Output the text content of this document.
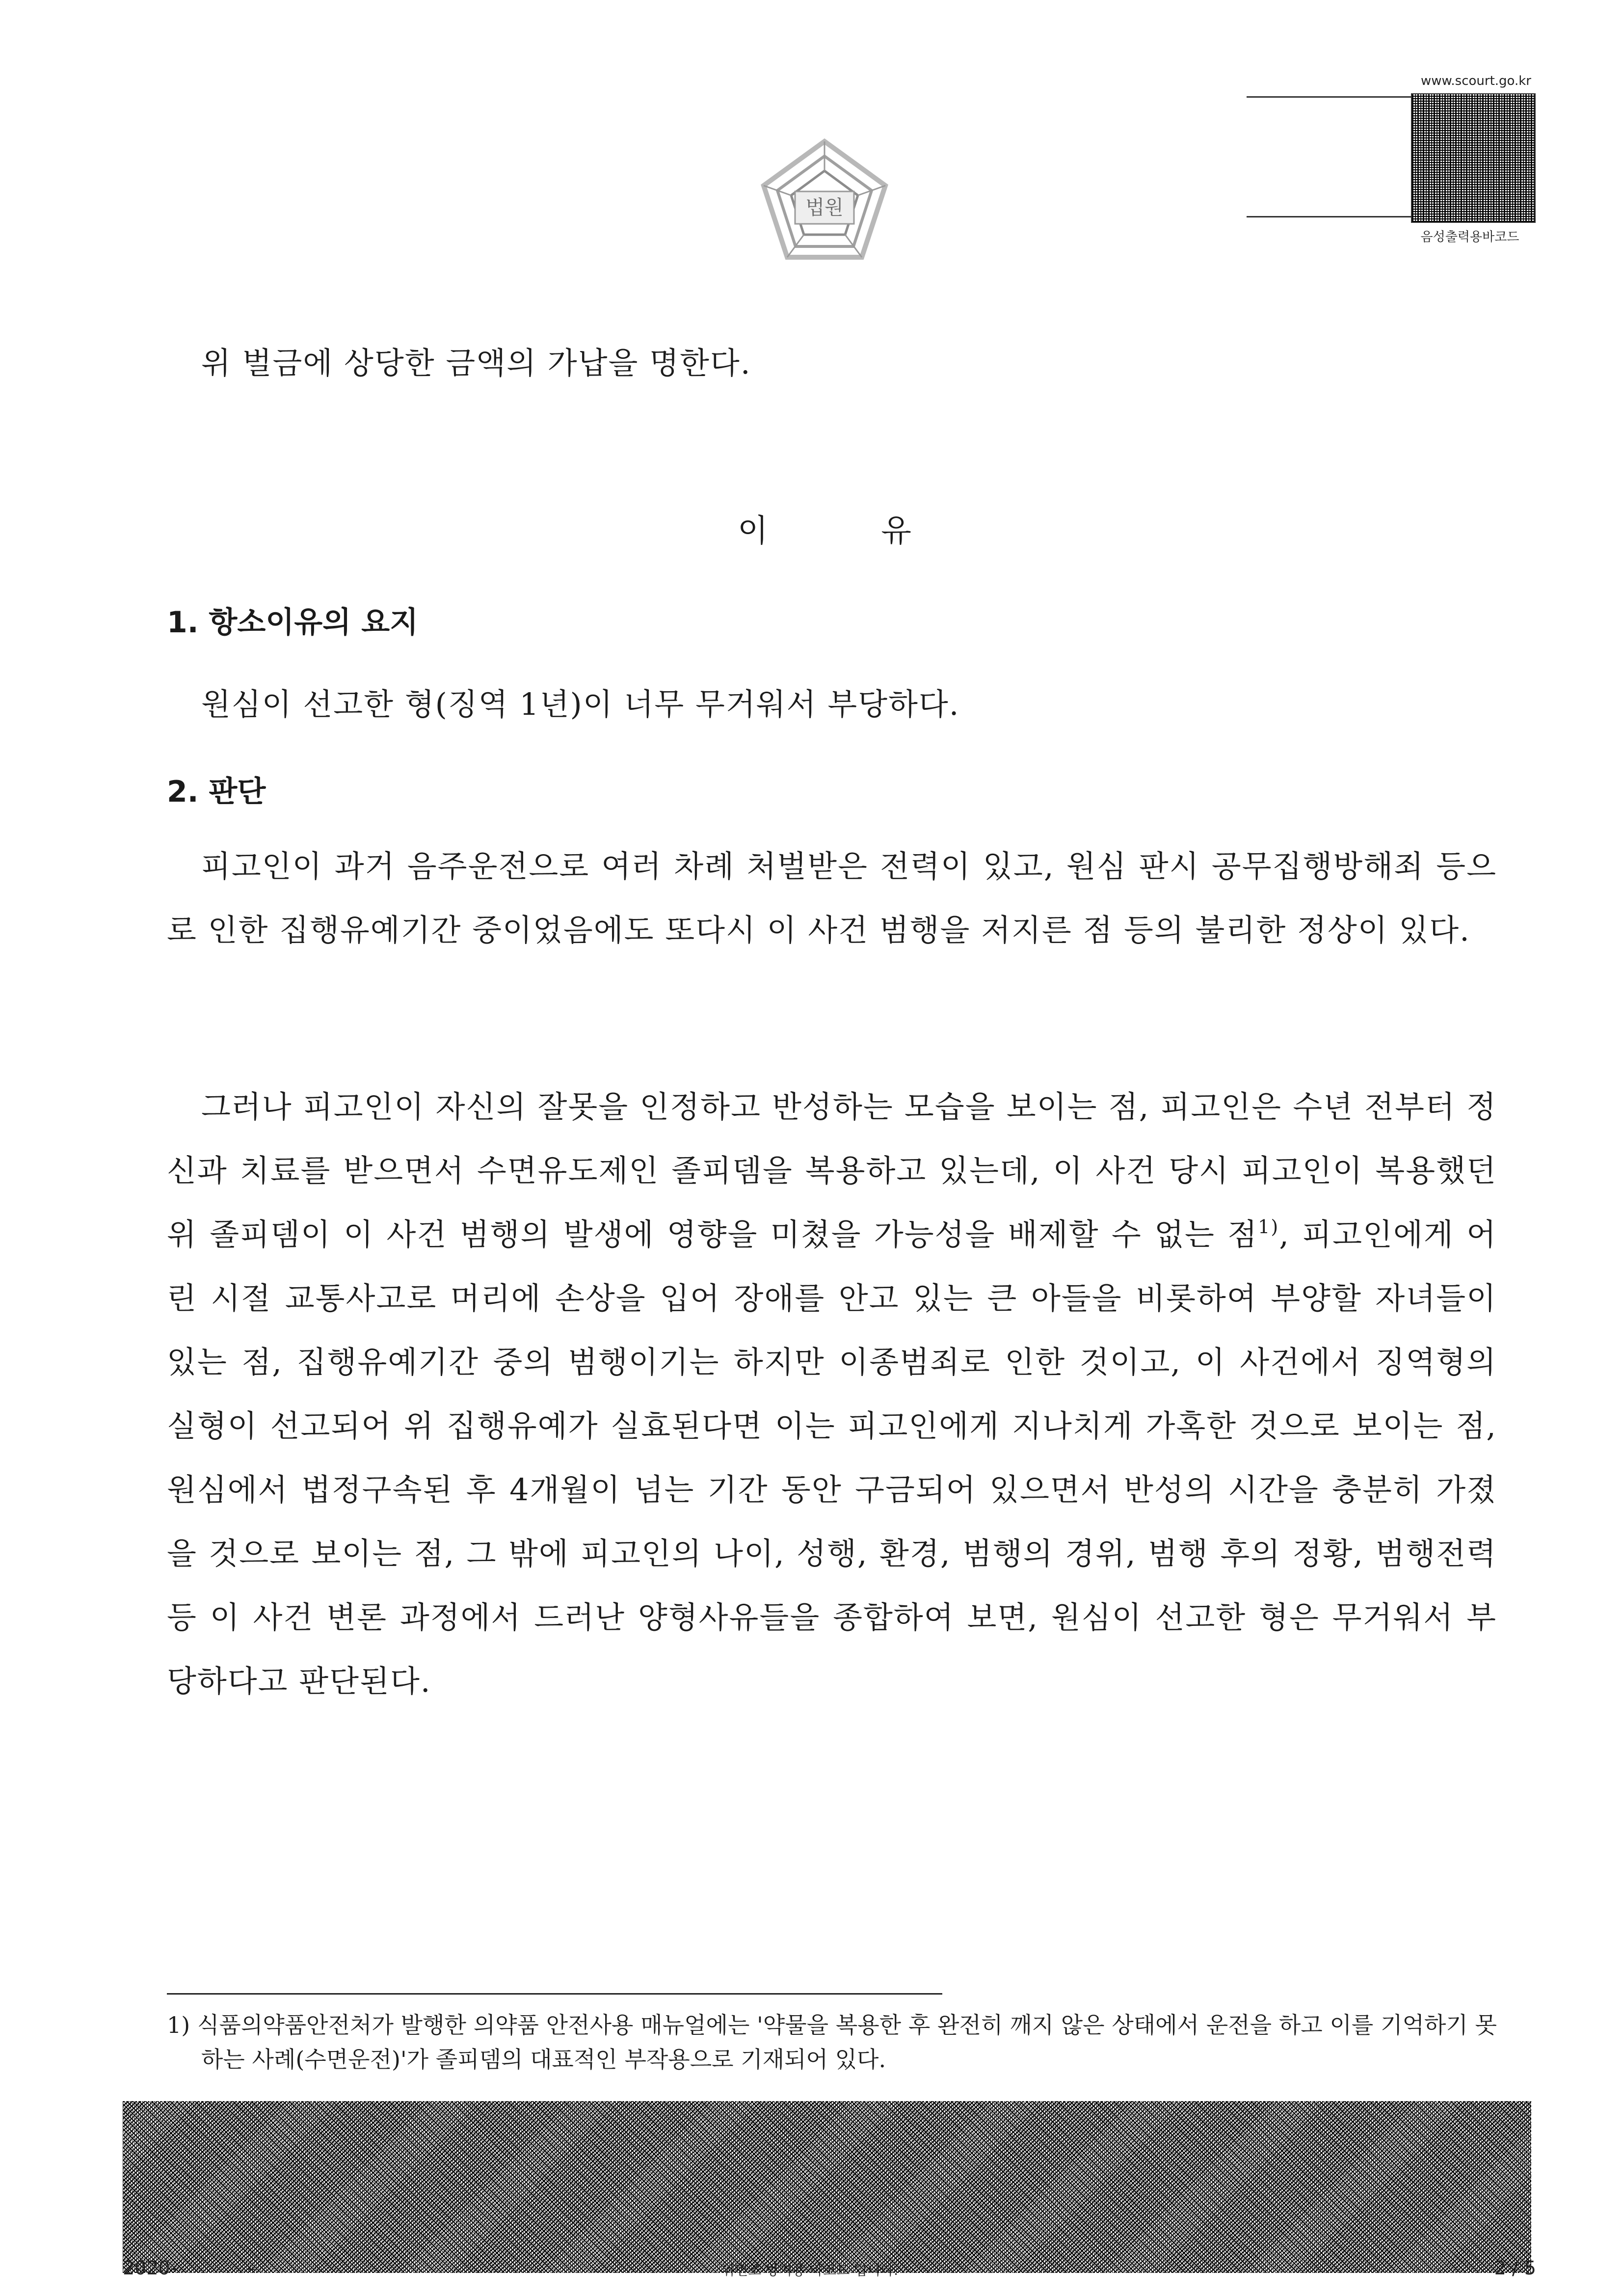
법원
www.scourt.go.kr
음성출력용바코드
위 벌금에 상당한 금액의 가납을 명한다.
이 유
1. 항소이유의 요지
원심이 선고한 형(징역 1년)이 너무 무거워서 부당하다.
2. 판단
피고인이 과거 음주운전으로 여러 차례 처벌받은 전력이 있고, 원심 판시 공무집행방해죄 등으로 인한 집행유예기간 중이었음에도 또다시 이 사건 범행을 저지른 점 등의 불리한 정상이 있다.
그러나 피고인이 자신의 잘못을 인정하고 반성하는 모습을 보이는 점, 피고인은 수년 전부터 정신과 치료를 받으면서 수면유도제인 졸피뎀을 복용하고 있는데, 이 사건 당시 피고인이 복용했던 위 졸피뎀이 이 사건 범행의 발생에 영향을 미쳤을 가능성을 배제할 수 없는 점$^{1)}$, 피고인에게 어린 시절 교통사고로 머리에 손상을 입어 장애를 안고 있는 큰 아들을 비롯하여 부양할 자녀들이 있는 점, 집행유예기간 중의 범행이기는 하지만 이종범죄로 인한 것이고, 이 사건에서 징역형의 실형이 선고되어 위 집행유예가 실효된다면 이는 피고인에게 지나치게 가혹한 것으로 보이는 점, 원심에서 법정구속된 후 4개월이 넘는 기간 동안 구금되어 있으면서 반성의 시간을 충분히 가졌을 것으로 보이는 점, 그 밖에 피고인의 나이, 성행, 환경, 범행의 경위, 범행 후의 정황, 범행전력 등 이 사건 변론 과정에서 드러난 양형사유들을 종합하여 보면, 원심이 선고한 형은 무거워서 부당하다고 판단된다.
1) 식품의약품안전처가 발행한 의약품 안전사용 매뉴얼에는 '약물을 복용한 후 완전히 깨지 않은 상태에서 운전을 하고 이를 기억하기 못하는 사례(수면운전)'가 졸피뎀의 대표적인 부작용으로 기재되어 있다.
2020-            -	위변조 방지용 바코드 입니다.	2 / 5
